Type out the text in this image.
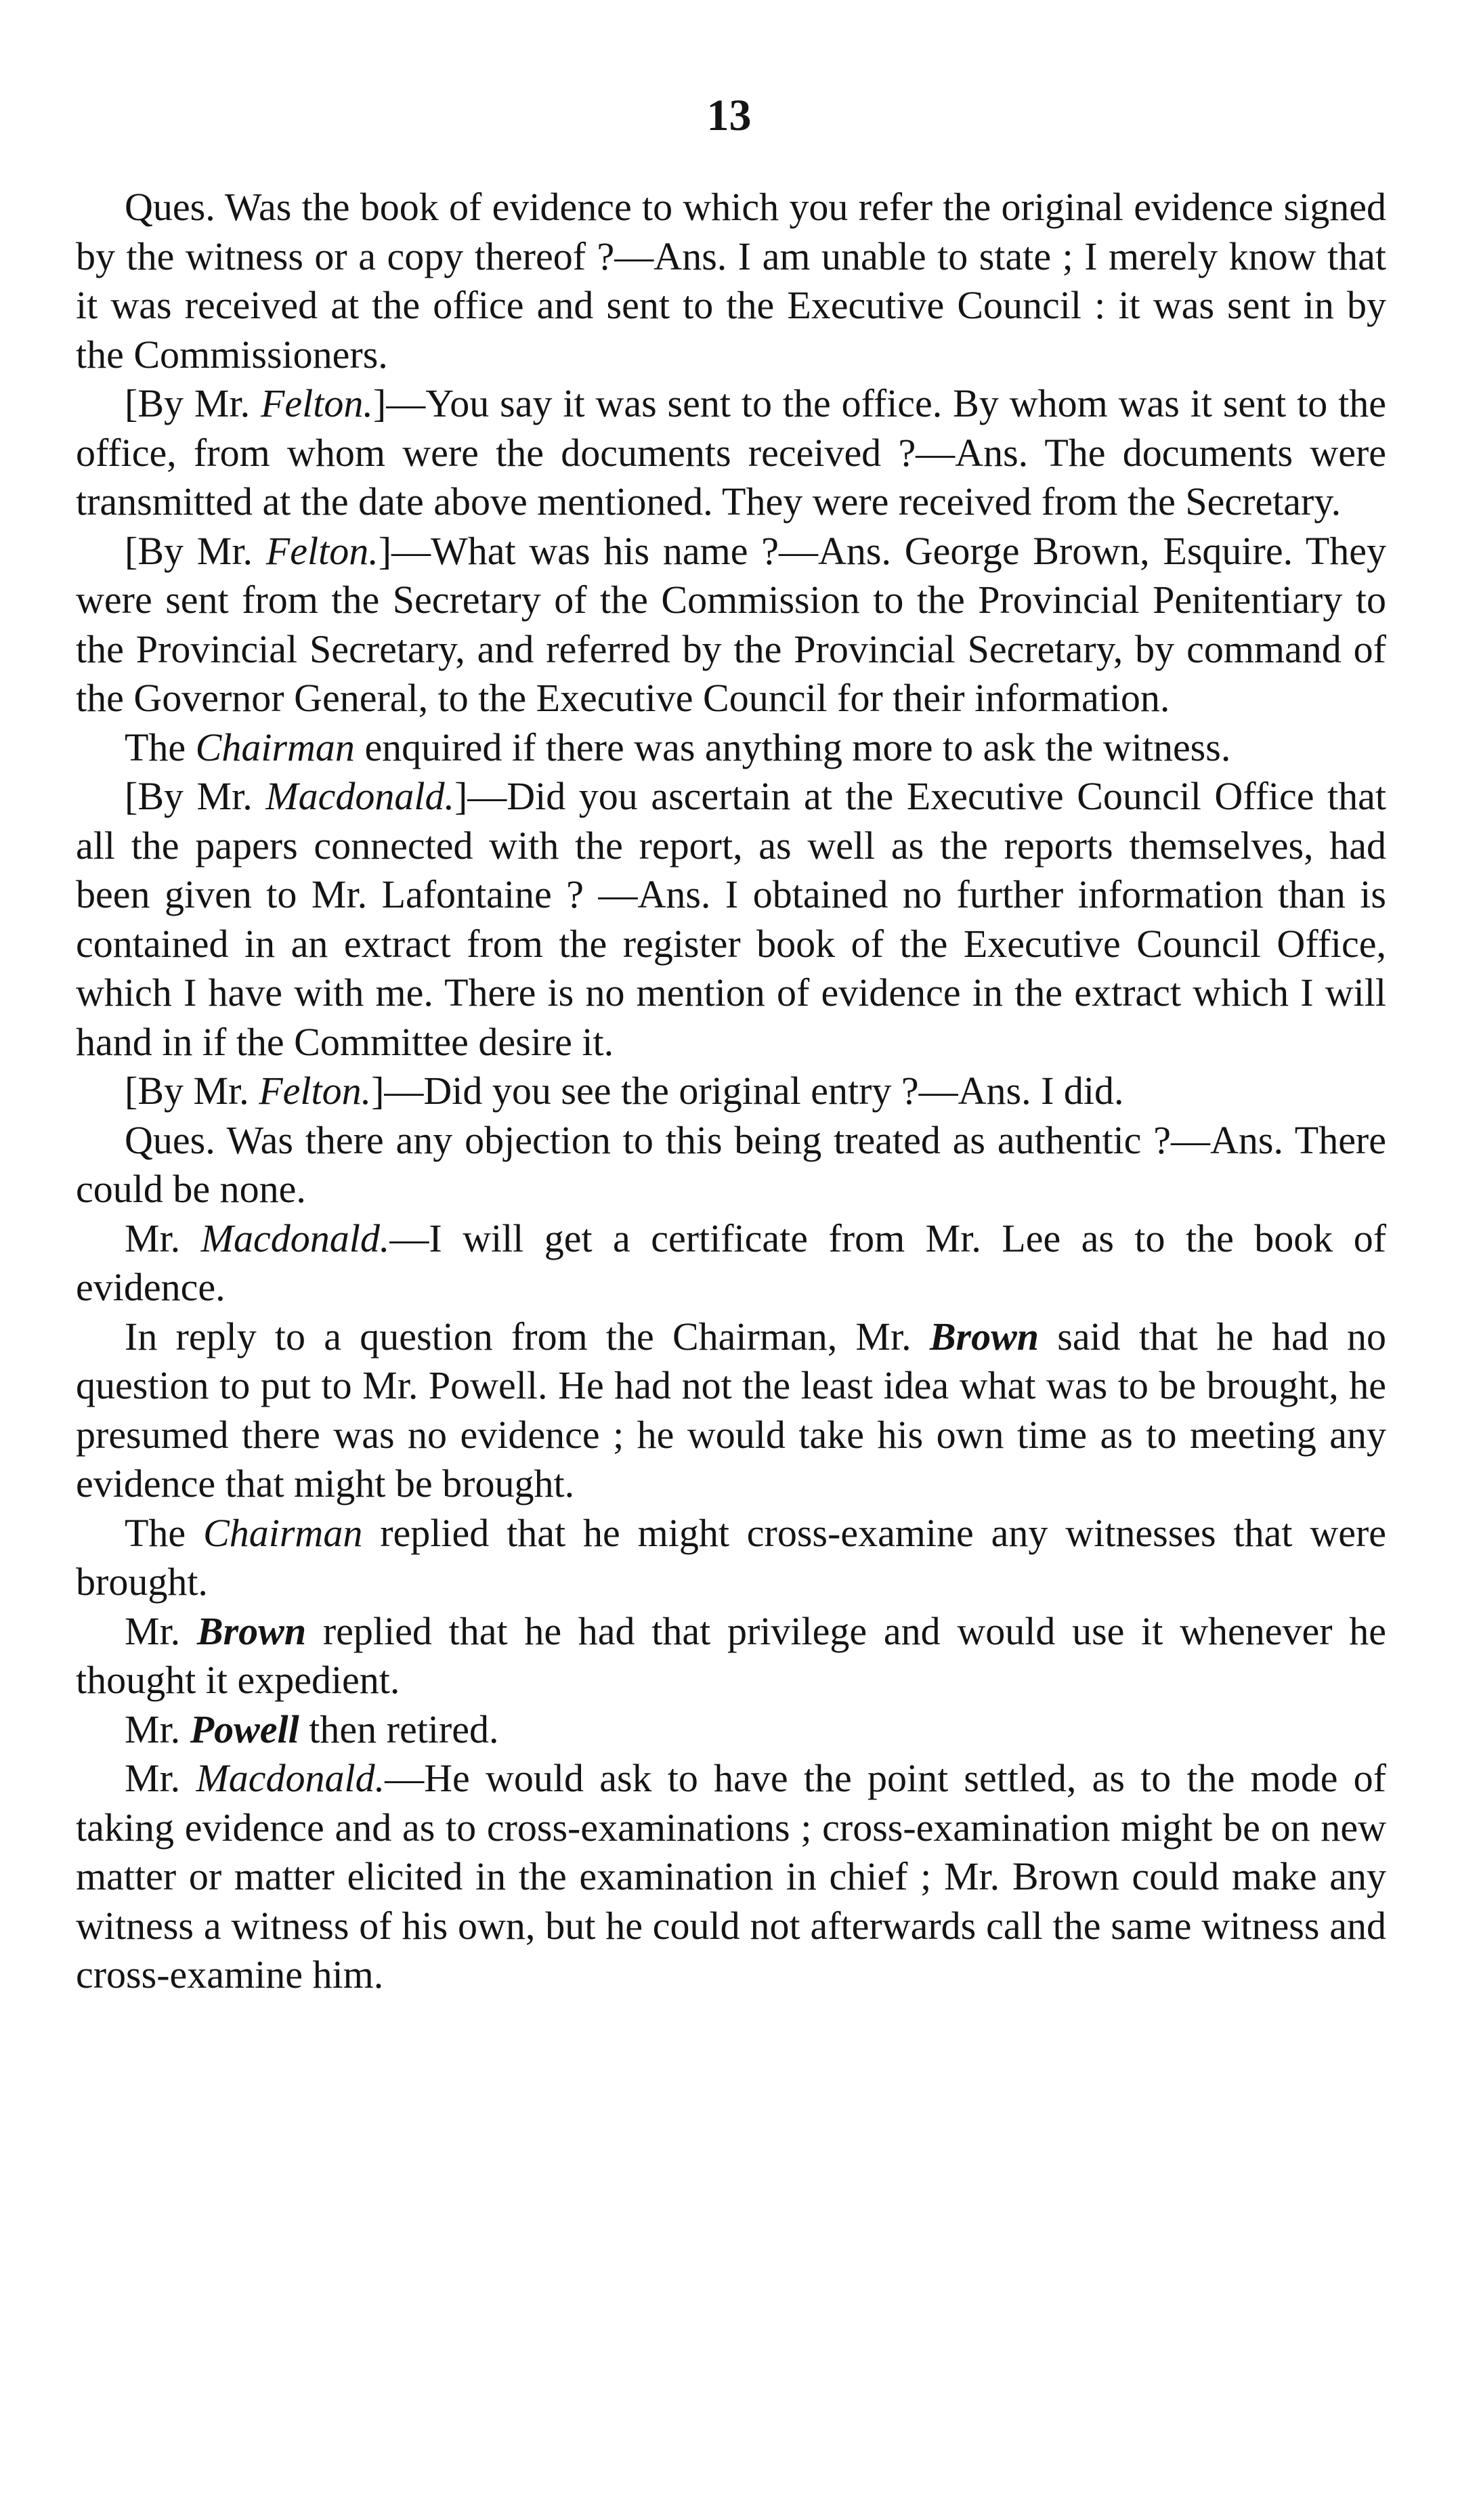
13

Ques. Was the book of evidence to which you refer the original evidence signed by the witness or a copy thereof ?—Ans. I am unable to state ; I merely know that it was received at the office and sent to the Executive Council : it was sent in by the Commissioners.

[By Mr. Felton.]—You say it was sent to the office. By whom was it sent to the office, from whom were the documents received ?—Ans. The documents were transmitted at the date above mentioned. They were received from the Secretary.

[By Mr. Felton.]—What was his name ?—Ans. George Brown, Esquire. They were sent from the Secretary of the Commission to the Provincial Penitentiary to the Provincial Secretary, and referred by the Provincial Secretary, by command of the Governor General, to the Executive Council for their information.

The Chairman enquired if there was anything more to ask the witness.

[By Mr. Macdonald.]—Did you ascertain at the Executive Council Office that all the papers connected with the report, as well as the reports themselves, had been given to Mr. Lafontaine ? —Ans. I obtained no further information than is contained in an extract from the register book of the Executive Council Office, which I have with me. There is no mention of evidence in the extract which I will hand in if the Committee desire it.

[By Mr. Felton.]—Did you see the original entry ?—Ans. I did.

Ques. Was there any objection to this being treated as authentic ?—Ans. There could be none.

Mr. Macdonald.—I will get a certificate from Mr. Lee as to the book of evidence.

In reply to a question from the Chairman, Mr. Brown said that he had no question to put to Mr. Powell. He had not the least idea what was to be brought, he presumed there was no evidence ; he would take his own time as to meeting any evidence that might be brought.

The Chairman replied that he might cross-examine any witnesses that were brought.

Mr. Brown replied that he had that privilege and would use it whenever he thought it expedient.

Mr. Powell then retired.

Mr. Macdonald.—He would ask to have the point settled, as to the mode of taking evidence and as to cross-examinations ; cross-examination might be on new matter or matter elicited in the examination in chief ; Mr. Brown could make any witness a witness of his own, but he could not afterwards call the same witness and cross-examine him.
